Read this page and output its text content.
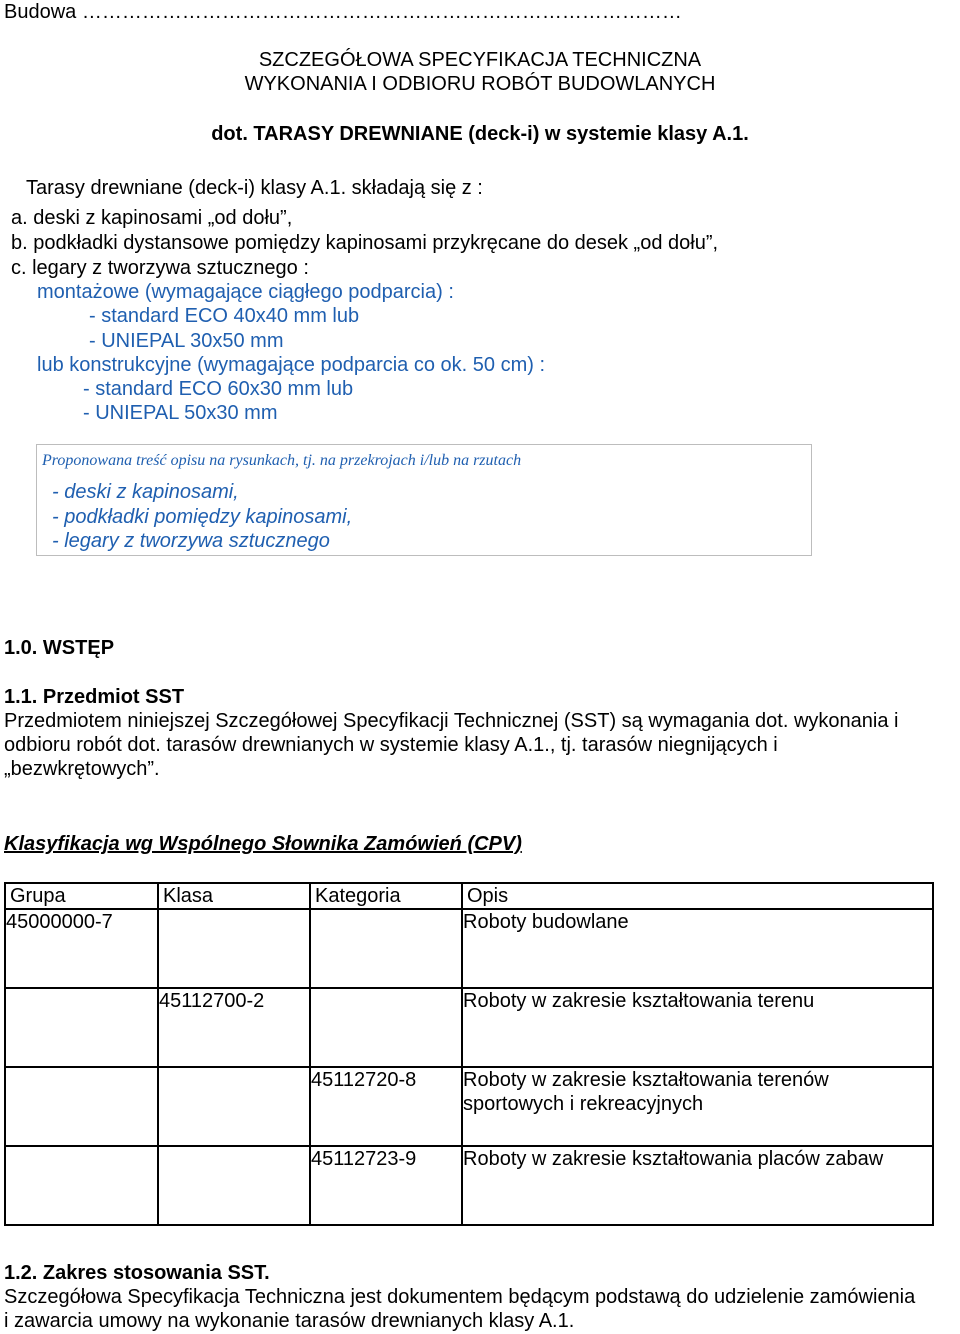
Budowa ………………………………………………………………………………
SZCZEGÓŁOWA SPECYFIKACJA TECHNICZNA
WYKONANIA I ODBIORU ROBÓT BUDOWLANYCH
dot. TARASY DREWNIANE (deck-i) w systemie klasy A.1.
Tarasy drewniane (deck-i) klasy A.1. składają się z :
a. deski z kapinosami „od dołu”,
b. podkładki dystansowe pomiędzy kapinosami przykręcane do desek „od dołu”,
c. legary z tworzywa sztucznego :
montażowe (wymagające ciągłego podparcia) :
- standard ECO 40x40 mm lub
- UNIEPAL 30x50 mm
lub konstrukcyjne (wymagające podparcia co ok. 50 cm) :
- standard ECO 60x30 mm lub
- UNIEPAL 50x30 mm
Proponowana treść opisu na rysunkach, tj. na przekrojach i/lub na rzutach
- deski z kapinosami,
- podkładki pomiędzy kapinosami,
- legary z tworzywa sztucznego
1.0. WSTĘP
1.1. Przedmiot SST
Przedmiotem niniejszej Szczegółowej Specyfikacji Technicznej (SST) są wymagania dot. wykonania i
odbioru robót dot. tarasów drewnianych w systemie klasy A.1., tj. tarasów niegnijących i
„bezwkrętowych”.
Klasyfikacja wg Wspólnego Słownika Zamówień (CPV)
Grupa	Klasa	Kategoria	Opis
45000000-7			Roboty budowlane
	45112700-2		Roboty w zakresie kształtowania terenu
		45112720-8	Roboty w zakresie kształtowania terenów sportowych i rekreacyjnych
		45112723-9	Roboty w zakresie kształtowania placów zabaw
1.2. Zakres stosowania SST.
Szczegółowa Specyfikacja Techniczna jest dokumentem będącym podstawą do udzielenie zamówienia
i zawarcia umowy na wykonanie tarasów drewnianych klasy A.1.
